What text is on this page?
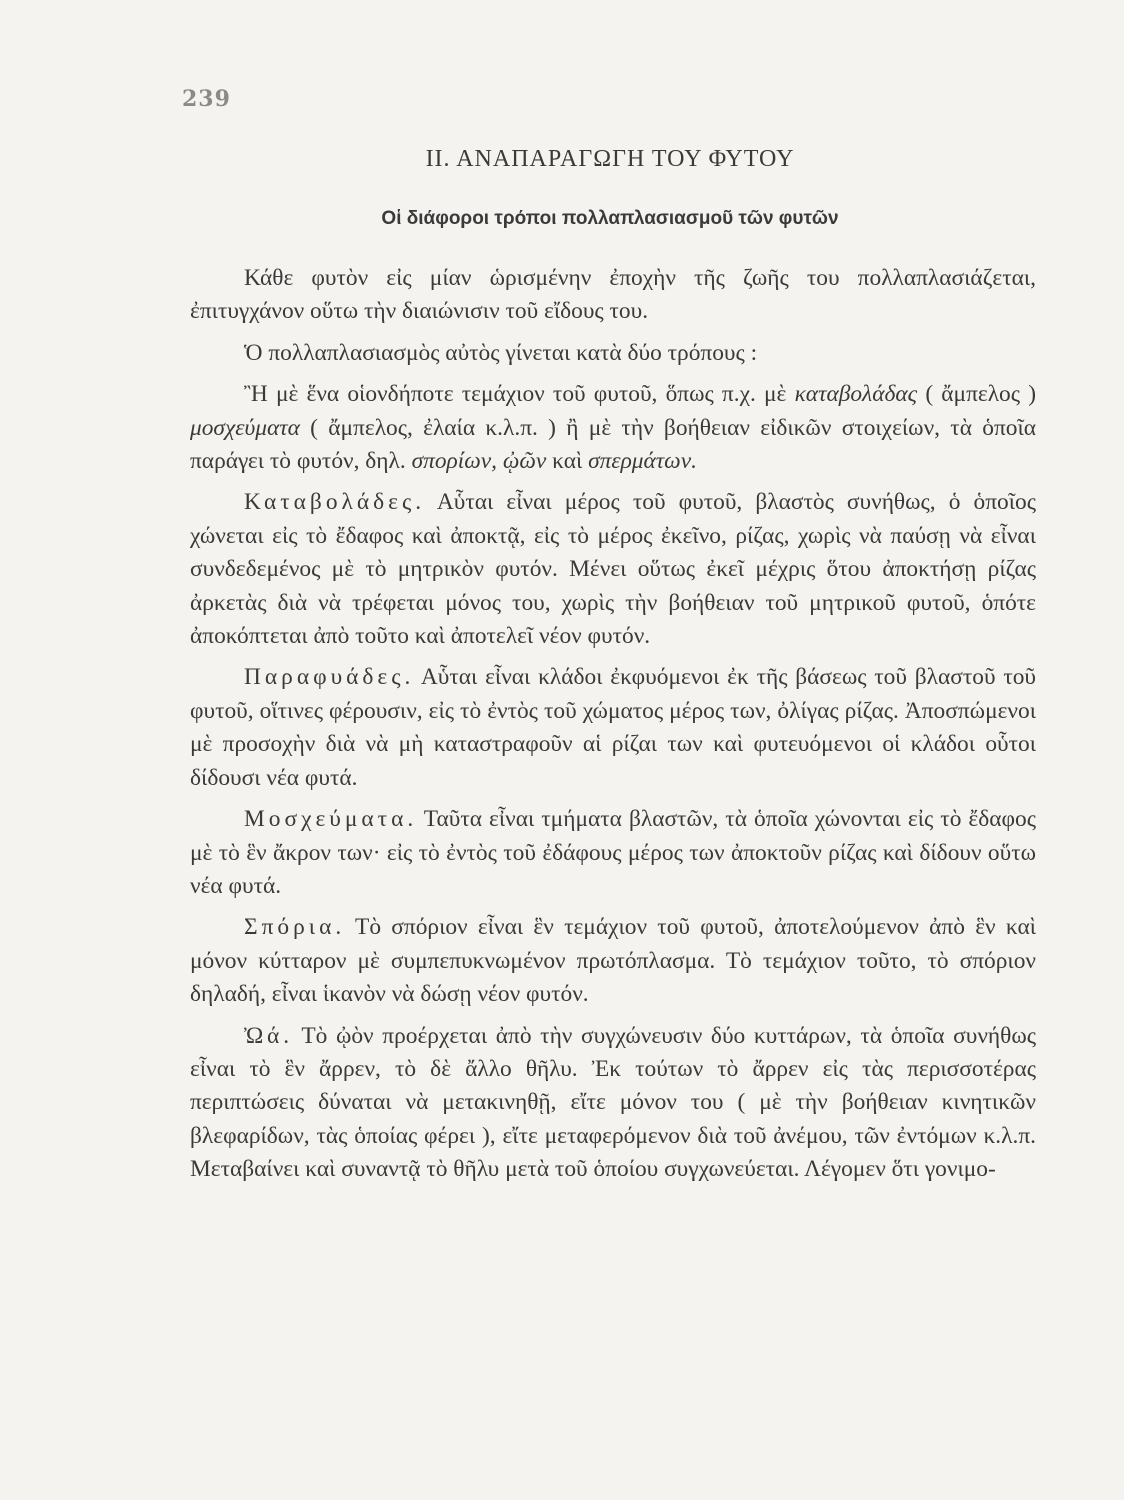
239
ΙΙ. ΑΝΑΠΑΡΑΓΩΓΗ ΤΟΥ ΦΥΤΟΥ
Οἱ διάφοροι τρόποι πολλαπλασιασμοῦ τῶν φυτῶν

Κάθε φυτὸν εἰς μίαν ὡρισμένην ἐποχὴν τῆς ζωῆς του πολλαπλασιάζεται, ἐπιτυγχάνον οὕτω τὴν διαιώνισιν τοῦ εἴδους του.

Ὁ πολλαπλασιασμὸς αὐτὸς γίνεται κατὰ δύο τρόπους :

Ἢ μὲ ἕνα οἱονδήποτε τεμάχιον τοῦ φυτοῦ, ὅπως π.χ. μὲ καταβολάδας ( ἄμπελος ) μοσχεύματα ( ἄμπελος, ἐλαία κ.λ.π. ) ἢ μὲ τὴν βοήθειαν εἰδικῶν στοιχείων, τὰ ὁποῖα παράγει τὸ φυτόν, δηλ. σπορίων, ᾠῶν καὶ σπερμάτων.

Καταβολάδες. Αὗται εἶναι μέρος τοῦ φυτοῦ, βλαστὸς συνήθως, ὁ ὁποῖος χώνεται εἰς τὸ ἔδαφος καὶ ἀποκτᾷ, εἰς τὸ μέρος ἐκεῖνο, ρίζας, χωρὶς νὰ παύσῃ νὰ εἶναι συνδεδεμένος μὲ τὸ μητρικὸν φυτόν. Μένει οὕτως ἐκεῖ μέχρις ὅτου ἀποκτήσῃ ρίζας ἀρκετὰς διὰ νὰ τρέφεται μόνος του, χωρὶς τὴν βοήθειαν τοῦ μητρικοῦ φυτοῦ, ὁπότε ἀποκόπτεται ἀπὸ τοῦτο καὶ ἀποτελεῖ νέον φυτόν.

Παραφυάδες. Αὗται εἶναι κλάδοι ἐκφυόμενοι ἐκ τῆς βάσεως τοῦ βλαστοῦ τοῦ φυτοῦ, οἵτινες φέρουσιν, εἰς τὸ ἐντὸς τοῦ χώματος μέρος των, ὀλίγας ρίζας. Ἀποσπώμενοι μὲ προσοχὴν διὰ νὰ μὴ καταστραφοῦν αἱ ρίζαι των καὶ φυτευόμενοι οἱ κλάδοι οὗτοι δίδουσι νέα φυτά.

Μοσχεύματα. Ταῦτα εἶναι τμήματα βλαστῶν, τὰ ὁποῖα χώνονται εἰς τὸ ἔδαφος μὲ τὸ ἓν ἄκρον των· εἰς τὸ ἐντὸς τοῦ ἐδάφους μέρος των ἀποκτοῦν ρίζας καὶ δίδουν οὕτω νέα φυτά.

Σπόρια. Τὸ σπόριον εἶναι ἓν τεμάχιον τοῦ φυτοῦ, ἀποτελούμενον ἀπὸ ἓν καὶ μόνον κύτταρον μὲ συμπεπυκνωμένον πρωτόπλασμα. Τὸ τεμάχιον τοῦτο, τὸ σπόριον δηλαδή, εἶναι ἱκανὸν νὰ δώσῃ νέον φυτόν.

Ὠά. Τὸ ᾠὸν προέρχεται ἀπὸ τὴν συγχώνευσιν δύο κυττάρων, τὰ ὁποῖα συνήθως εἶναι τὸ ἓν ἄρρεν, τὸ δὲ ἄλλο θῆλυ. Ἐκ τούτων τὸ ἄρρεν εἰς τὰς περισσοτέρας περιπτώσεις δύναται νὰ μετακινηθῇ, εἴτε μόνον του ( μὲ τὴν βοήθειαν κινητικῶν βλεφαρίδων, τὰς ὁποίας φέρει ), εἴτε μεταφερόμενον διὰ τοῦ ἀνέμου, τῶν ἐντόμων κ.λ.π. Μεταβαίνει καὶ συναντᾷ τὸ θῆλυ μετὰ τοῦ ὁποίου συγχωνεύεται. Λέγομεν ὅτι γονιμο-
